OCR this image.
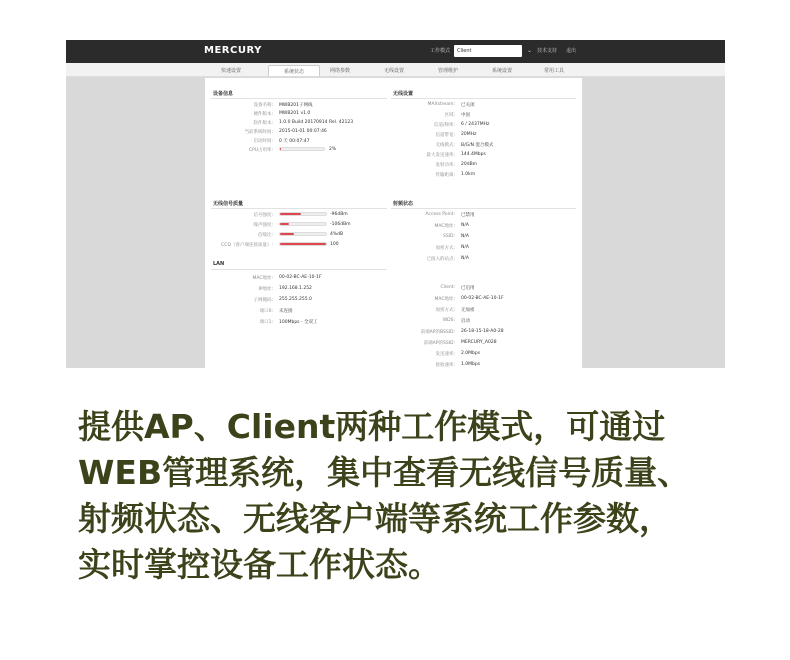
MERCURY	工作模式	Client	⌄ 技术支持 退出
快速设置	系统状态	网络参数	无线设置	管理维护	系统设置	常用工具
设备信息
设备名称: MWB201子网线
硬件版本: MWB201 v1.0
软件版本: 1.0.0 Build 20170914 Rel. 42123
当前系统时间: 2015-01-01 00:07:46
启动时间: 0 天 00:07:47
CPU占用率:	2%
无线设置
MAXstream: 已关闭
区域: 中国
信道/频率: 6 / 2437MHz
信道带宽: 20MHz
无线模式: B/G/N 混合模式
最大发送速率: 144.4Mbps
发射功率: 20dBm
传输距离: 1.0km
无线信号质量
信号强度:	-96dBm
噪声强度:	-106dBm
信噪比:	4%dB
CCQ（客户端连接质量）:	100
射频状态
Access Point: 已禁用
MAC地址: N/A
SSID: N/A
加密方式: N/A
已接入的站点: N/A
LAN
MAC地址: 00-02-BC-AE-10-1F
IP地址: 192.168.1.252
子网掩码: 255.255.255.0
端口0: 未连接
端口1: 100Mbps - 全双工
Client: 已启用
MAC地址: 00-02-BC-AE-10-1F
加密方式: 无加密
WDS: 启动
前端AP的BSSID: 26-18-15-18-A0-28
前端AP的SSID: MERCURY_A028
发送速率: 2.0Mbps
接收速率: 1.0Mbps
提供AP、Client两种工作模式，可通过
WEB管理系统，集中查看无线信号质量、
射频状态、无线客户端等系统工作参数，
实时掌控设备工作状态。
